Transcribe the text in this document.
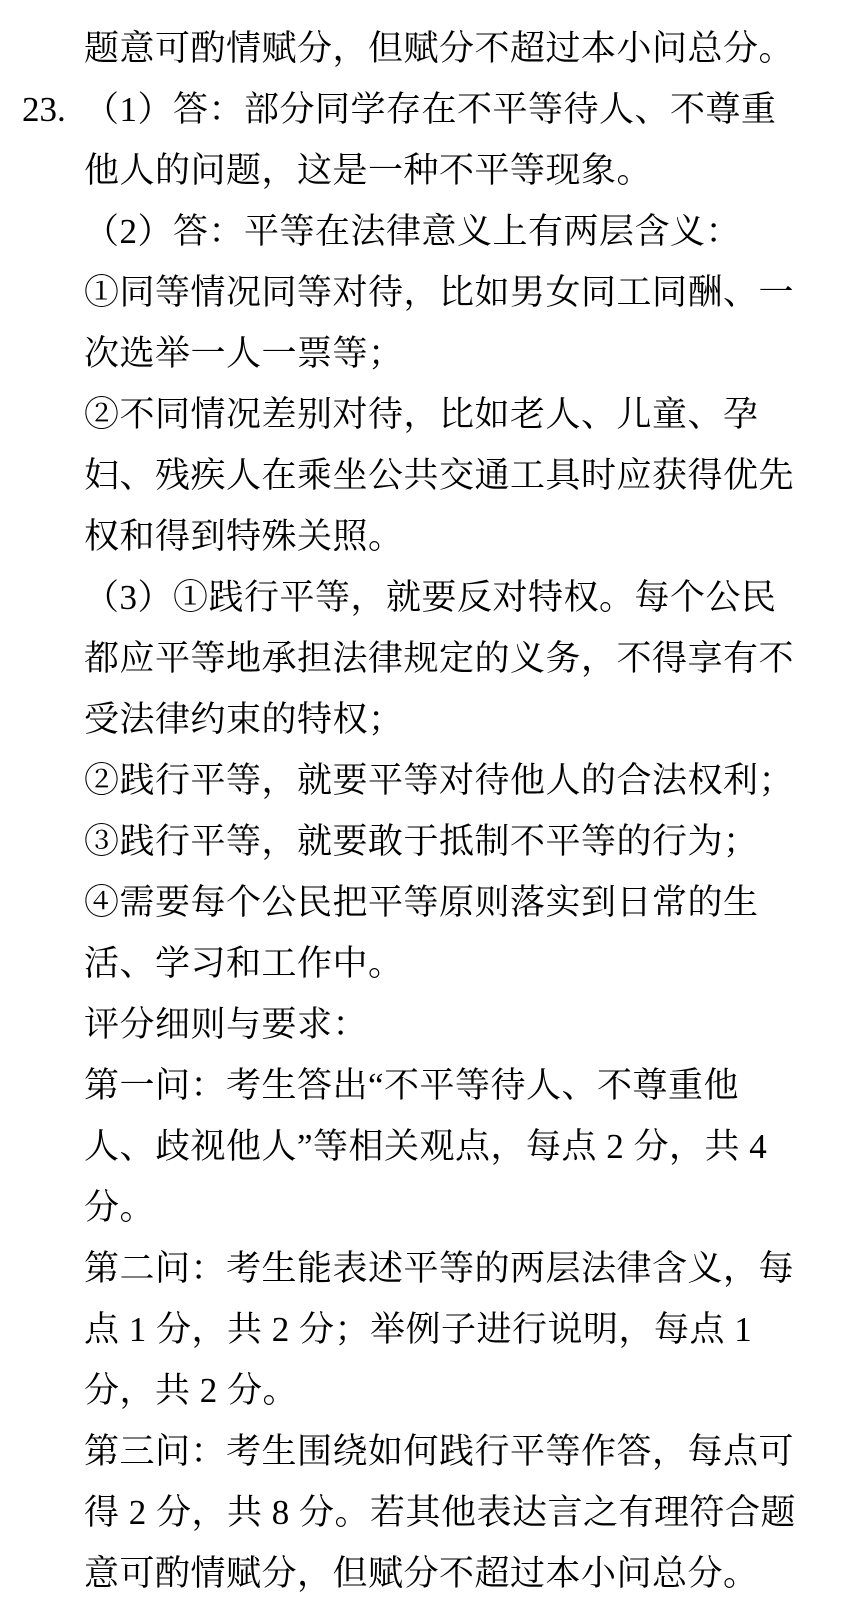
题意可酌情赋分，但赋分不超过本小问总分。
23. （1）答：部分同学存在不平等待人、不尊重
他人的问题，这是一种不平等现象。
（2）答：平等在法律意义上有两层含义：
①同等情况同等对待，比如男女同工同酬、一
次选举一人一票等；
②不同情况差别对待，比如老人、儿童、孕
妇、残疾人在乘坐公共交通工具时应获得优先
权和得到特殊关照。
（3）①践行平等，就要反对特权。每个公民
都应平等地承担法律规定的义务，不得享有不
受法律约束的特权；
②践行平等，就要平等对待他人的合法权利；
③践行平等，就要敢于抵制不平等的行为；
④需要每个公民把平等原则落实到日常的生
活、学习和工作中。
评分细则与要求：
第一问：考生答出“不平等待人、不尊重他
人、歧视他人”等相关观点，每点 2 分，共 4
分。
第二问：考生能表述平等的两层法律含义，每
点 1 分，共 2 分；举例子进行说明，每点 1
分，共 2 分。
第三问：考生围绕如何践行平等作答，每点可
得 2 分，共 8 分。若其他表达言之有理符合题
意可酌情赋分，但赋分不超过本小问总分。
